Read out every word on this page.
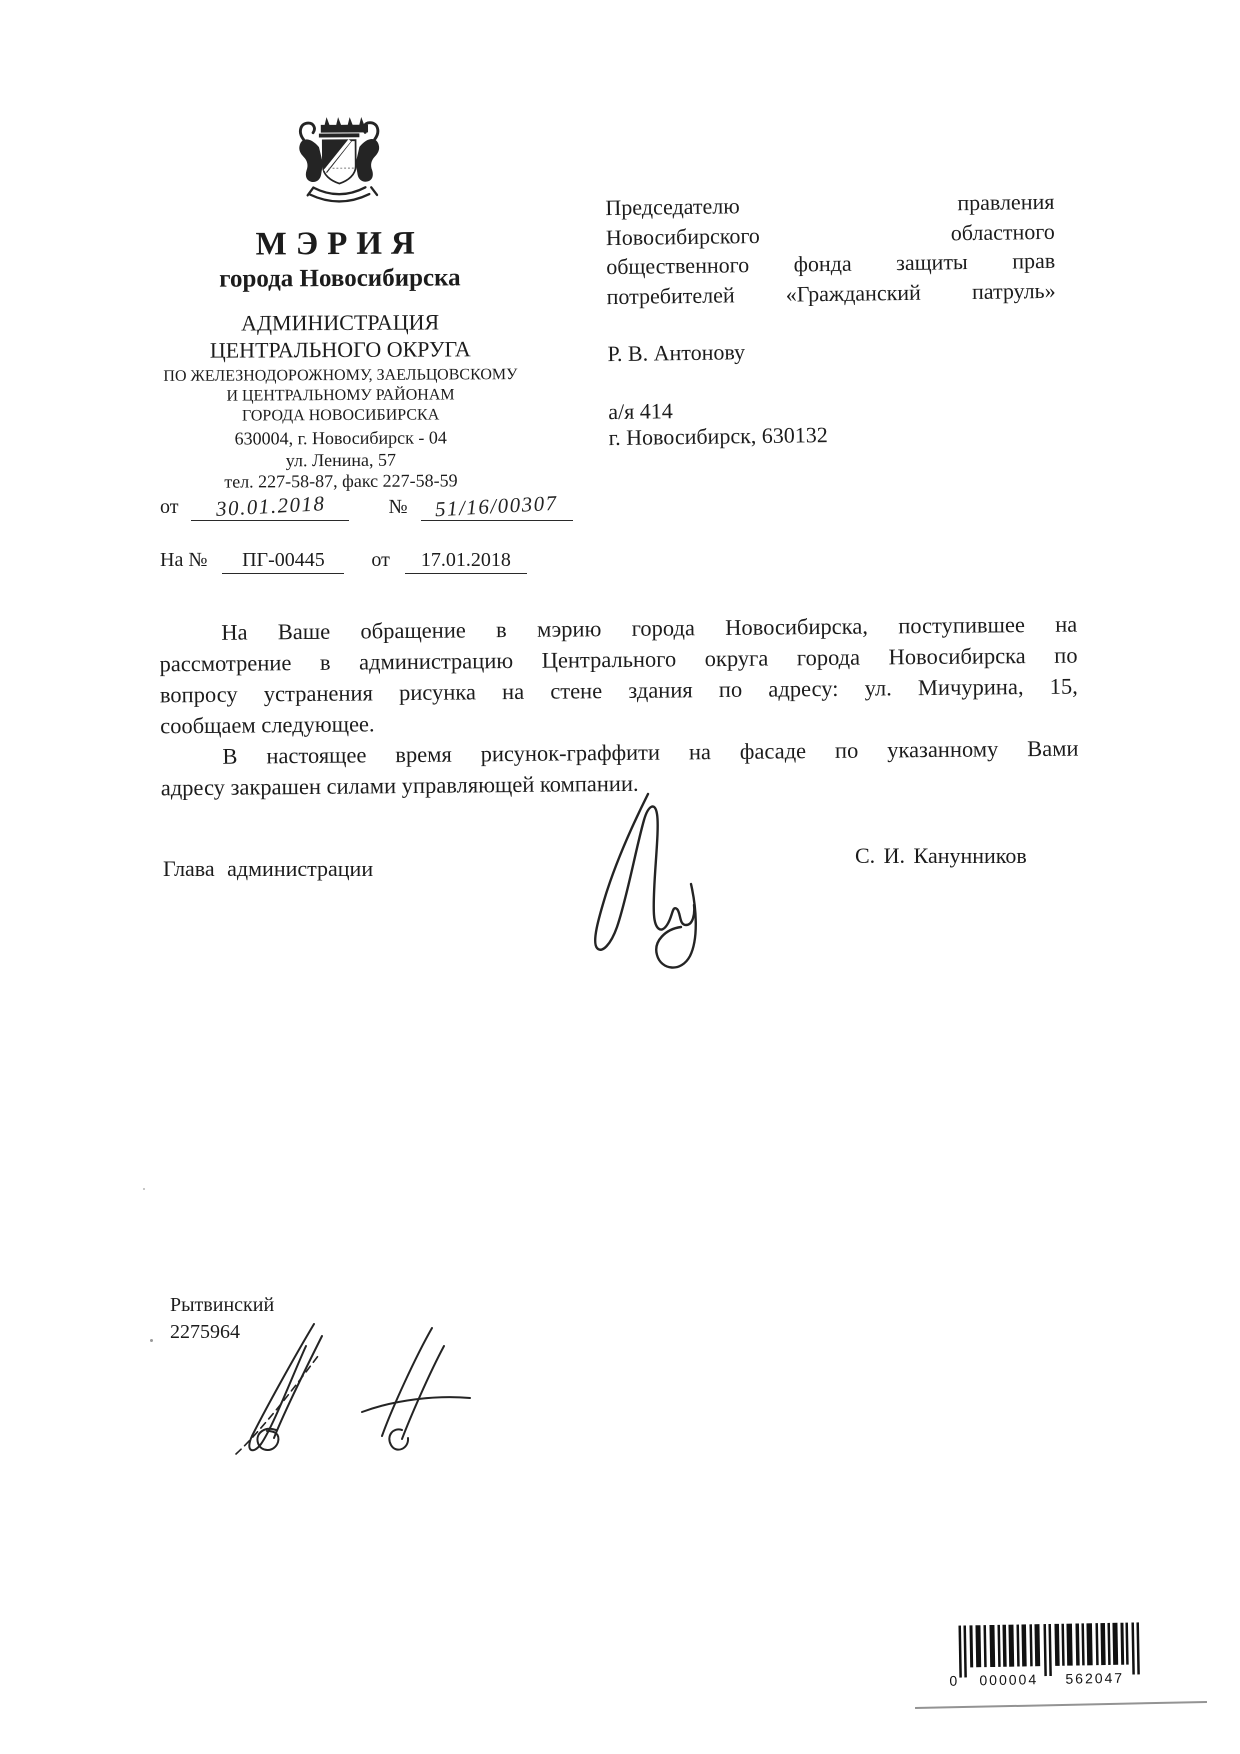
МЭРИЯ
города Новосибирска
АДМИНИСТРАЦИЯ
ЦЕНТРАЛЬНОГО ОКРУГА
ПО ЖЕЛЕЗНОДОРОЖНОМУ, ЗАЕЛЬЦОВСКОМУ
И ЦЕНТРАЛЬНОМУ РАЙОНАМ
ГОРОДА НОВОСИБИРСКА
630004, г. Новосибирск - 04
ул. Ленина, 57
тел. 227-58-87, факс 227-58-59
от 30.01.2018	№ 51/16/00307
На № ПГ-00445 от 17.01.2018
Председателю правления
Новосибирского областного
общественного фонда защиты прав
потребителей «Гражданский патруль»
Р. В. Антонову
а/я 414
г. Новосибирск, 630132
На Ваше обращение в мэрию города Новосибирска, поступившее на
рассмотрение в администрацию Центрального округа города Новосибирска по
вопросу устранения рисунка на стене здания по адресу: ул. Мичурина, 15,
сообщаем следующее.
В настоящее время рисунок-граффити на фасаде по указанному Вами
адресу закрашен силами управляющей компании.
Глава администрации
С. И. Канунников
Рытвинский
2275964
0 000004 562047
